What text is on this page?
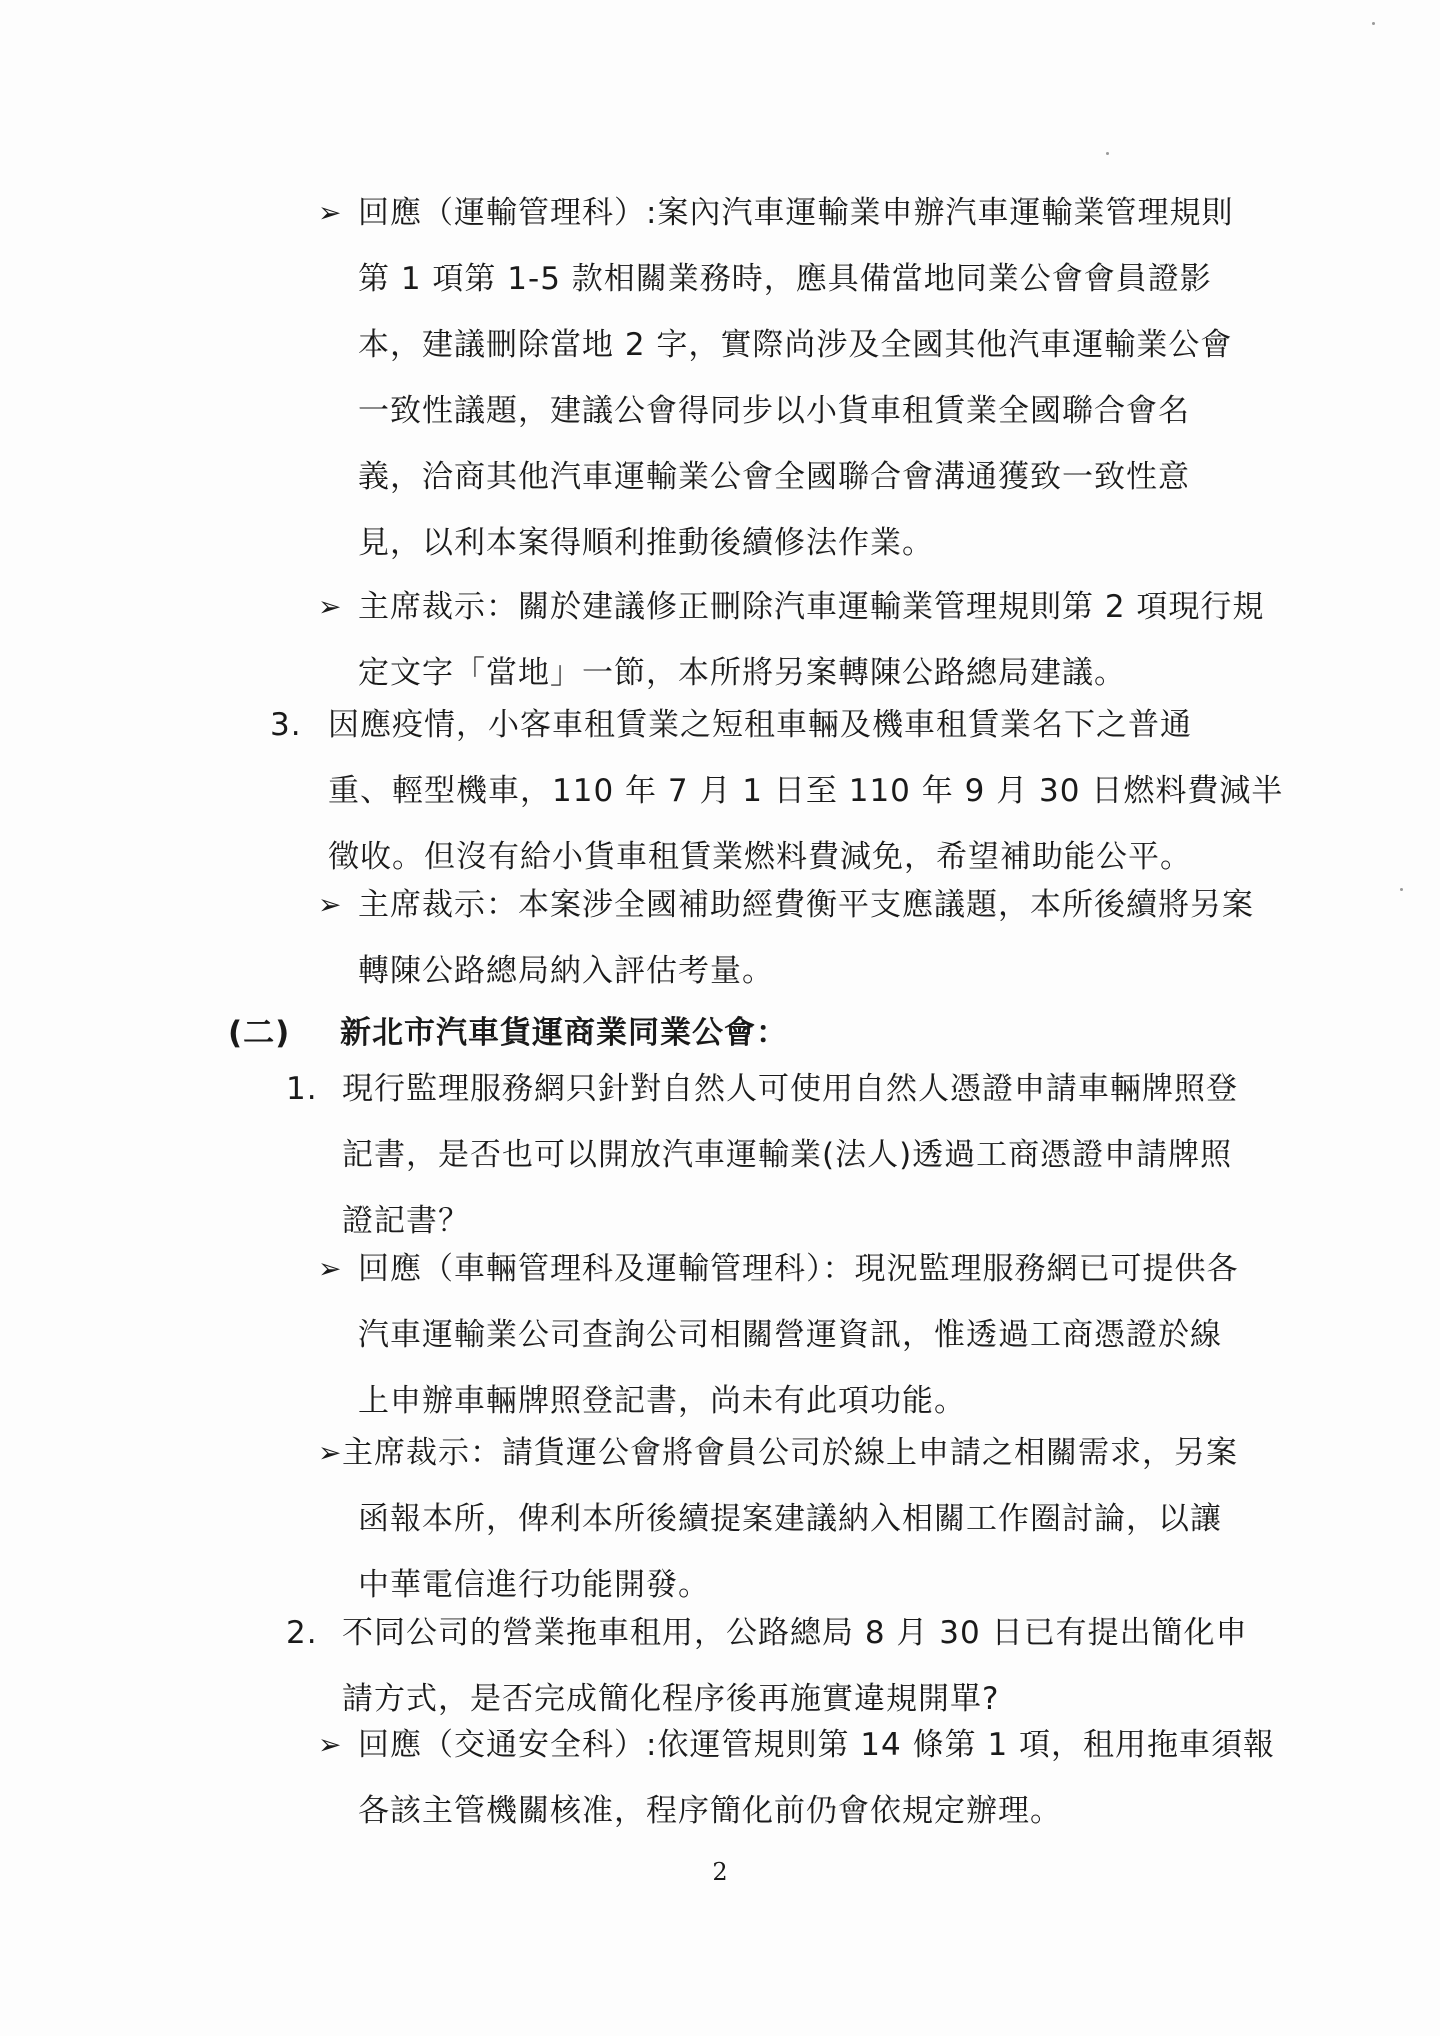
➢ 回應（運輸管理科）:案內汽車運輸業申辦汽車運輸業管理規則
第 1 項第 1-5 款相關業務時，應具備當地同業公會會員證影
本，建議刪除當地 2 字，實際尚涉及全國其他汽車運輸業公會
一致性議題，建議公會得同步以小貨車租賃業全國聯合會名
義，洽商其他汽車運輸業公會全國聯合會溝通獲致一致性意
見，以利本案得順利推動後續修法作業。
➢ 主席裁示：關於建議修正刪除汽車運輸業管理規則第 2 項現行規
定文字「當地」一節，本所將另案轉陳公路總局建議。
3. 因應疫情，小客車租賃業之短租車輛及機車租賃業名下之普通
重、輕型機車，110 年 7 月 1 日至 110 年 9 月 30 日燃料費減半
徵收。但沒有給小貨車租賃業燃料費減免，希望補助能公平。
➢ 主席裁示：本案涉全國補助經費衡平支應議題，本所後續將另案
轉陳公路總局納入評估考量。
(二) 新北市汽車貨運商業同業公會：
1. 現行監理服務網只針對自然人可使用自然人憑證申請車輛牌照登
記書，是否也可以開放汽車運輸業(法人)透過工商憑證申請牌照
證記書？
➢ 回應（車輛管理科及運輸管理科）：現況監理服務網已可提供各
汽車運輸業公司查詢公司相關營運資訊，惟透過工商憑證於線
上申辦車輛牌照登記書，尚未有此項功能。
➢ 主席裁示：請貨運公會將會員公司於線上申請之相關需求，另案
函報本所，俾利本所後續提案建議納入相關工作圈討論，以讓
中華電信進行功能開發。
2. 不同公司的營業拖車租用，公路總局 8 月 30 日已有提出簡化申
請方式，是否完成簡化程序後再施實違規開單?
➢ 回應（交通安全科）:依運管規則第 14 條第 1 項，租用拖車須報
各該主管機關核准，程序簡化前仍會依規定辦理。
2
